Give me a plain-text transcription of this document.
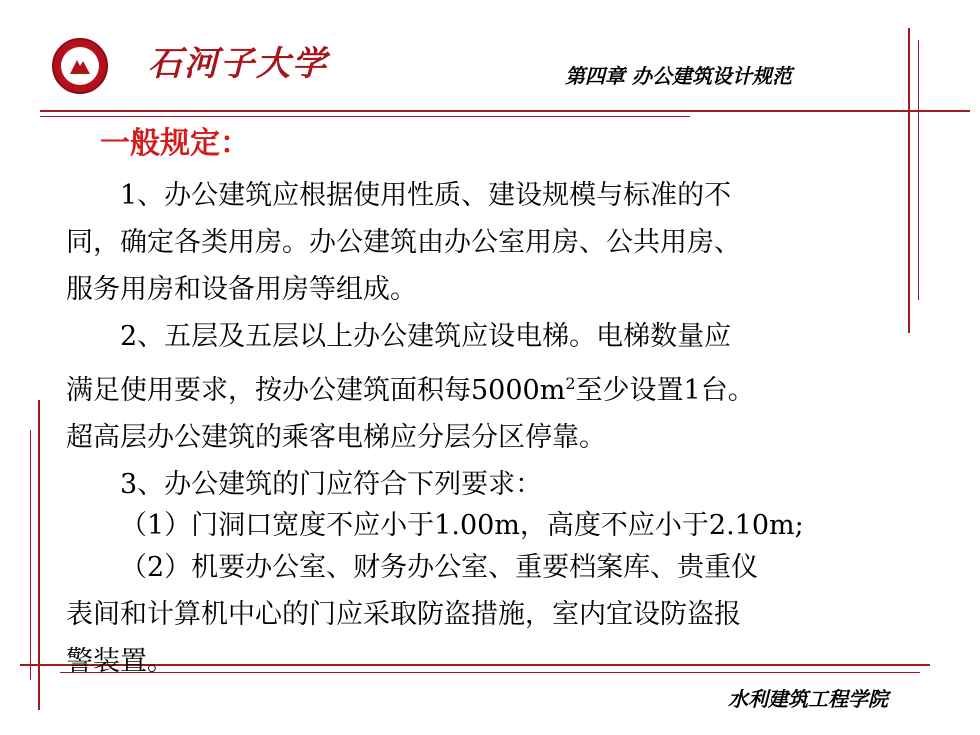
石河子大学	第四章 办公建筑设计规范
一般规定：

1、办公建筑应根据使用性质、建设规模与标准的不

同，确定各类用房。办公建筑由办公室用房、公共用房、

服务用房和设备用房等组成。

2、五层及五层以上办公建筑应设电梯。电梯数量应

满足使用要求，按办公建筑面积每$5000m^2$至少设置1台。

超高层办公建筑的乘客电梯应分层分区停靠。

3、办公建筑的门应符合下列要求：

（1）门洞口宽度不应小于1.00m，高度不应小于2.10m;

（2）机要办公室、财务办公室、重要档案库、贵重仪

表间和计算机中心的门应采取防盗措施，室内宜设防盗报

警装置。

水利建筑工程学院
